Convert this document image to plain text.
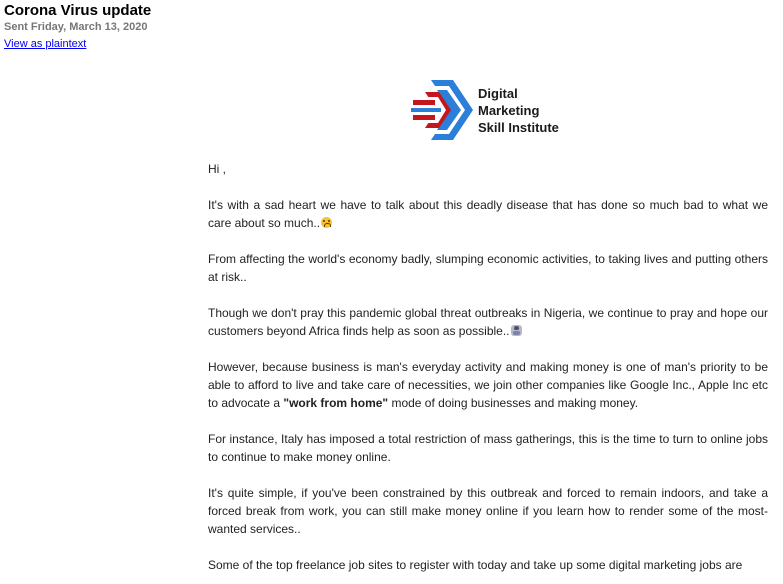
Corona Virus update
Sent Friday, March 13, 2020
View as plaintext
Digital
Marketing
Skill Institute

Hi ,

It's with a sad heart we have to talk about this deadly disease that has done so much bad to what we care about so much..

From affecting the world's economy badly, slumping economic activities, to taking lives and putting others at risk..

Though we don't pray this pandemic global threat outbreaks in Nigeria, we continue to pray and hope our customers beyond Africa finds help as soon as possible..

However, because business is man's everyday activity and making money is one of man's priority to be able to afford to live and take care of necessities, we join other companies like Google Inc., Apple Inc etc to advocate a "work from home" mode of doing businesses and making money.

For instance, Italy has imposed a total restriction of mass gatherings, this is the time to turn to online jobs to continue to make money online.

It's quite simple, if you've been constrained by this outbreak and forced to remain indoors, and take a forced break from work, you can still make money online if you learn how to render some of the most-wanted services..

Some of the top freelance job sites to register with today and take up some digital marketing jobs are
